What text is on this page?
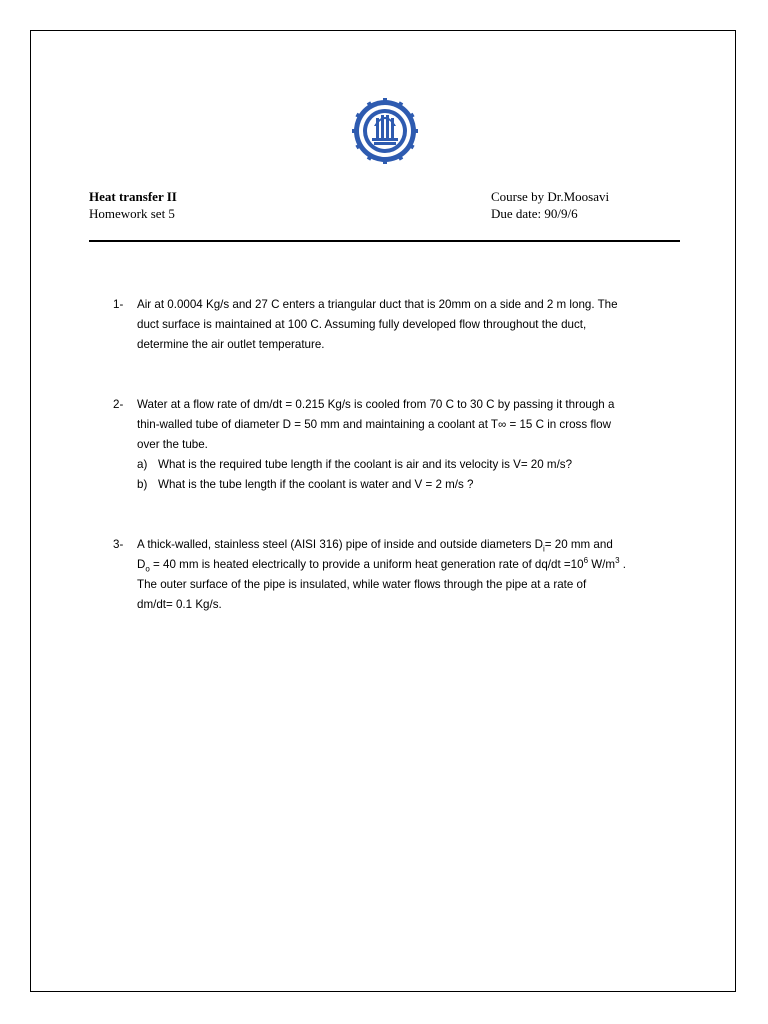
Heat transfer II
Homework set 5
Course by Dr.Moosavi
Due date: 90/9/6
1-	Air at 0.0004 Kg/s and 27 C enters a triangular duct that is 20mm on a side and 2 m long. The
duct surface is maintained at 100 C. Assuming fully developed flow throughout the duct,
determine the air outlet temperature.
2-	Water at a flow rate of dm/dt = 0.215 Kg/s is cooled from 70 C to 30 C by passing it through a
thin-walled tube of diameter D = 50 mm and maintaining a coolant at T∞ = 15 C in cross flow
over the tube.
a) What is the required tube length if the coolant is air and its velocity is V= 20 m/s?
b) What is the tube length if the coolant is water and V = 2 m/s ?
3-	A thick-walled, stainless steel (AISI 316) pipe of inside and outside diameters $D_i= 20$ mm and
$D_o = 40$ mm is heated electrically to provide a uniform heat generation rate of $dq/dt =10^6$ $W/m^3$ .
The outer surface of the pipe is insulated, while water flows through the pipe at a rate of
dm/dt= 0.1 Kg/s.
